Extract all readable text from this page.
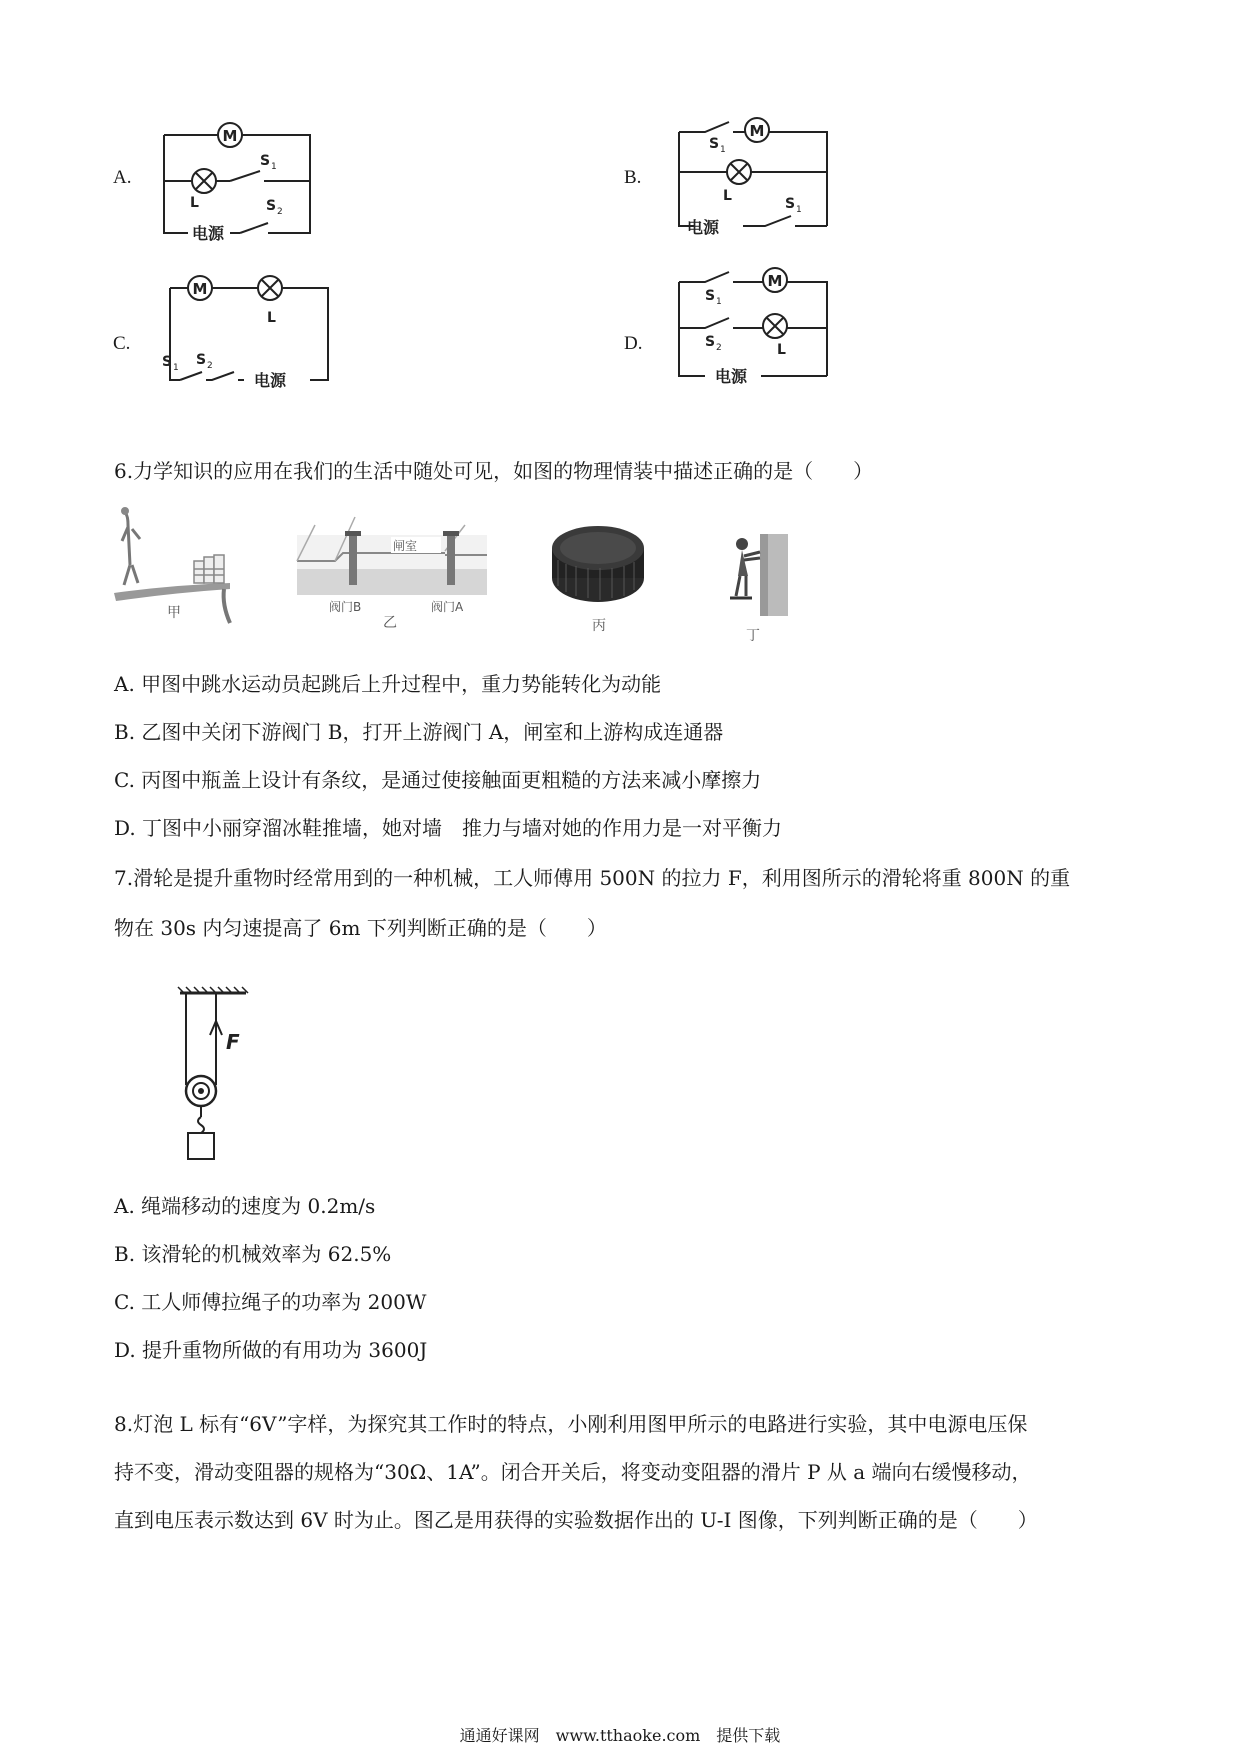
A.	B.
C.	D.
M
L
S 1
S 2
电源
M
S 1
L
电源
S 1
M
L
S 1 S 2
电源
M
S 1
S 2	L
电源
6.力学知识的应用在我们的生活中随处可见，如图的物理情装中描述正确的是（　　）
甲
闸室
阀门B	阀门A
乙	丙
丁
A. 甲图中跳水运动员起跳后上升过程中，重力势能转化为动能
B. 乙图中关闭下游阀门 B，打开上游阀门 A，闸室和上游构成连通器
C. 丙图中瓶盖上设计有条纹，是通过使接触面更粗糙的方法来减小摩擦力
D. 丁图中小丽穿溜冰鞋推墙，她对墙　推力与墙对她的作用力是一对平衡力
7.滑轮是提升重物时经常用到的一种机械，工人师傅用 500N 的拉力 F，利用图所示的滑轮将重 800N 的重
物在 30s 内匀速提高了 6m 下列判断正确的是（　　）
F
A. 绳端移动的速度为 0.2m/s
B. 该滑轮的机械效率为 62.5%
C. 工人师傅拉绳子的功率为 200W
D. 提升重物所做的有用功为 3600J
8.灯泡 L 标有“6V”字样，为探究其工作时的特点，小刚利用图甲所示的电路进行实验，其中电源电压保
持不变，滑动变阻器的规格为“30Ω、1A”。闭合开关后，将变动变阻器的滑片 P 从 a 端向右缓慢移动，
直到电压表示数达到 6V 时为止。图乙是用获得的实验数据作出的 U-I 图像，下列判断正确的是（　　）
通通好课网　www.tthaoke.com　提供下载
